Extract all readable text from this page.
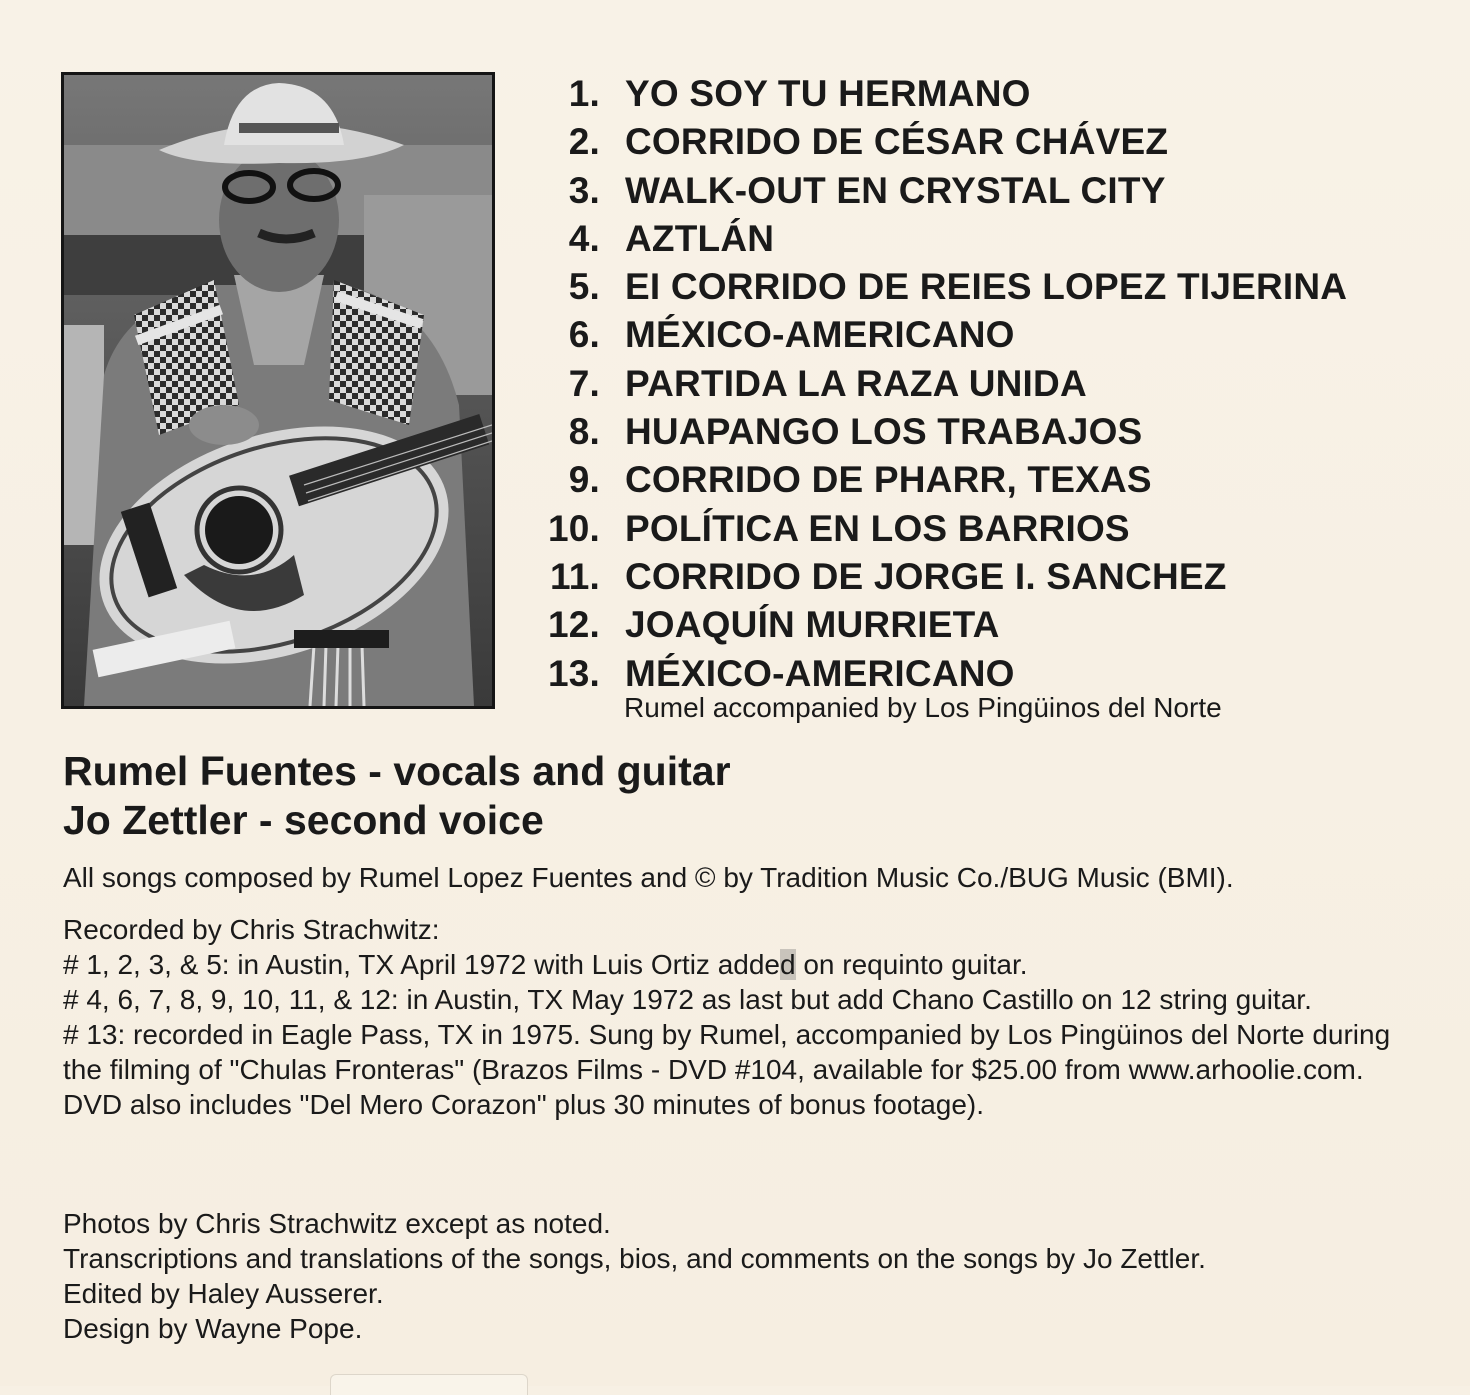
1. YO SOY TU HERMANO
2. CORRIDO DE CÉSAR CHÁVEZ
3. WALK-OUT EN CRYSTAL CITY
4. AZTLÁN
5. EI CORRIDO DE REIES LOPEZ TIJERINA
6. MÉXICO-AMERICANO
7. PARTIDA LA RAZA UNIDA
8. HUAPANGO LOS TRABAJOS
9. CORRIDO DE PHARR, TEXAS
10. POLÍTICA EN LOS BARRIOS
11. CORRIDO DE JORGE I. SANCHEZ
12. JOAQUÍN MURRIETA
13. MÉXICO-AMERICANO
Rumel accompanied by Los Pingüinos del Norte
Rumel Fuentes - vocals and guitar
Jo Zettler - second voice
All songs composed by Rumel Lopez Fuentes and © by Tradition Music Co./BUG Music (BMI).
Recorded by Chris Strachwitz:
# 1, 2, 3, & 5: in Austin, TX April 1972 with Luis Ortiz added on requinto guitar.
# 4, 6, 7, 8, 9, 10, 11, & 12: in Austin, TX May 1972 as last but add Chano Castillo on 12 string guitar.
# 13: recorded in Eagle Pass, TX in 1975. Sung by Rumel, accompanied by Los Pingüinos del Norte during the filming of "Chulas Fronteras" (Brazos Films - DVD #104, available for $25.00 from www.arhoolie.com. DVD also includes "Del Mero Corazon" plus 30 minutes of bonus footage).
Photos by Chris Strachwitz except as noted.
Transcriptions and translations of the songs, bios, and comments on the songs by Jo Zettler.
Edited by Haley Ausserer.
Design by Wayne Pope.
